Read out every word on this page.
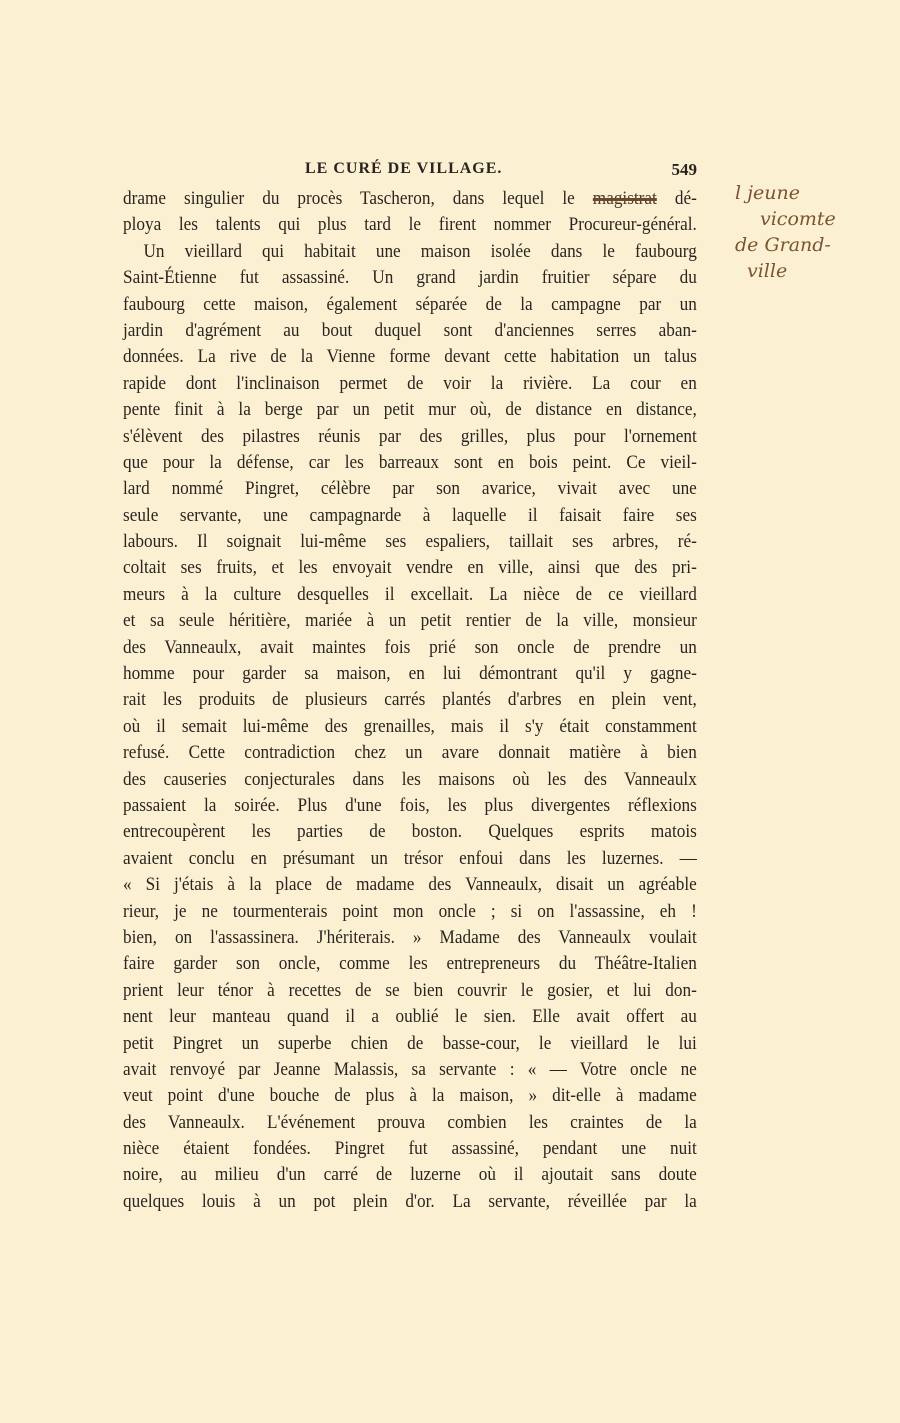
LE CURÉ DE VILLAGE.	549
drame singulier du procès Tascheron, dans lequel le magistrat dé-
ploya les talents qui plus tard le firent nommer Procureur-général.
Un vieillard qui habitait une maison isolée dans le faubourg
Saint-Étienne fut assassiné. Un grand jardin fruitier sépare du
faubourg cette maison, également séparée de la campagne par un
jardin d'agrément au bout duquel sont d'anciennes serres aban-
données. La rive de la Vienne forme devant cette habitation un talus
rapide dont l'inclinaison permet de voir la rivière. La cour en
pente finit à la berge par un petit mur où, de distance en distance,
s'élèvent des pilastres réunis par des grilles, plus pour l'ornement
que pour la défense, car les barreaux sont en bois peint. Ce vieil-
lard nommé Pingret, célèbre par son avarice, vivait avec une
seule servante, une campagnarde à laquelle il faisait faire ses
labours. Il soignait lui-même ses espaliers, taillait ses arbres, ré-
coltait ses fruits, et les envoyait vendre en ville, ainsi que des pri-
meurs à la culture desquelles il excellait. La nièce de ce vieillard
et sa seule héritière, mariée à un petit rentier de la ville, monsieur
des Vanneaulx, avait maintes fois prié son oncle de prendre un
homme pour garder sa maison, en lui démontrant qu'il y gagne-
rait les produits de plusieurs carrés plantés d'arbres en plein vent,
où il semait lui-même des grenailles, mais il s'y était constamment
refusé. Cette contradiction chez un avare donnait matière à bien
des causeries conjecturales dans les maisons où les des Vanneaulx
passaient la soirée. Plus d'une fois, les plus divergentes réflexions
entrecoupèrent les parties de boston. Quelques esprits matois
avaient conclu en présumant un trésor enfoui dans les luzernes. —
« Si j'étais à la place de madame des Vanneaulx, disait un agréable
rieur, je ne tourmenterais point mon oncle ; si on l'assassine, eh !
bien, on l'assassinera. J'hériterais. » Madame des Vanneaulx voulait
faire garder son oncle, comme les entrepreneurs du Théâtre-Italien
prient leur ténor à recettes de se bien couvrir le gosier, et lui don-
nent leur manteau quand il a oublié le sien. Elle avait offert au
petit Pingret un superbe chien de basse-cour, le vieillard le lui
avait renvoyé par Jeanne Malassis, sa servante : « — Votre oncle ne
veut point d'une bouche de plus à la maison, » dit-elle à madame
des Vanneaulx. L'événement prouva combien les craintes de la
nièce étaient fondées. Pingret fut assassiné, pendant une nuit
noire, au milieu d'un carré de luzerne où il ajoutait sans doute
quelques louis à un pot plein d'or. La servante, réveillée par la
l jeune
vicomte
de Grand-
ville
